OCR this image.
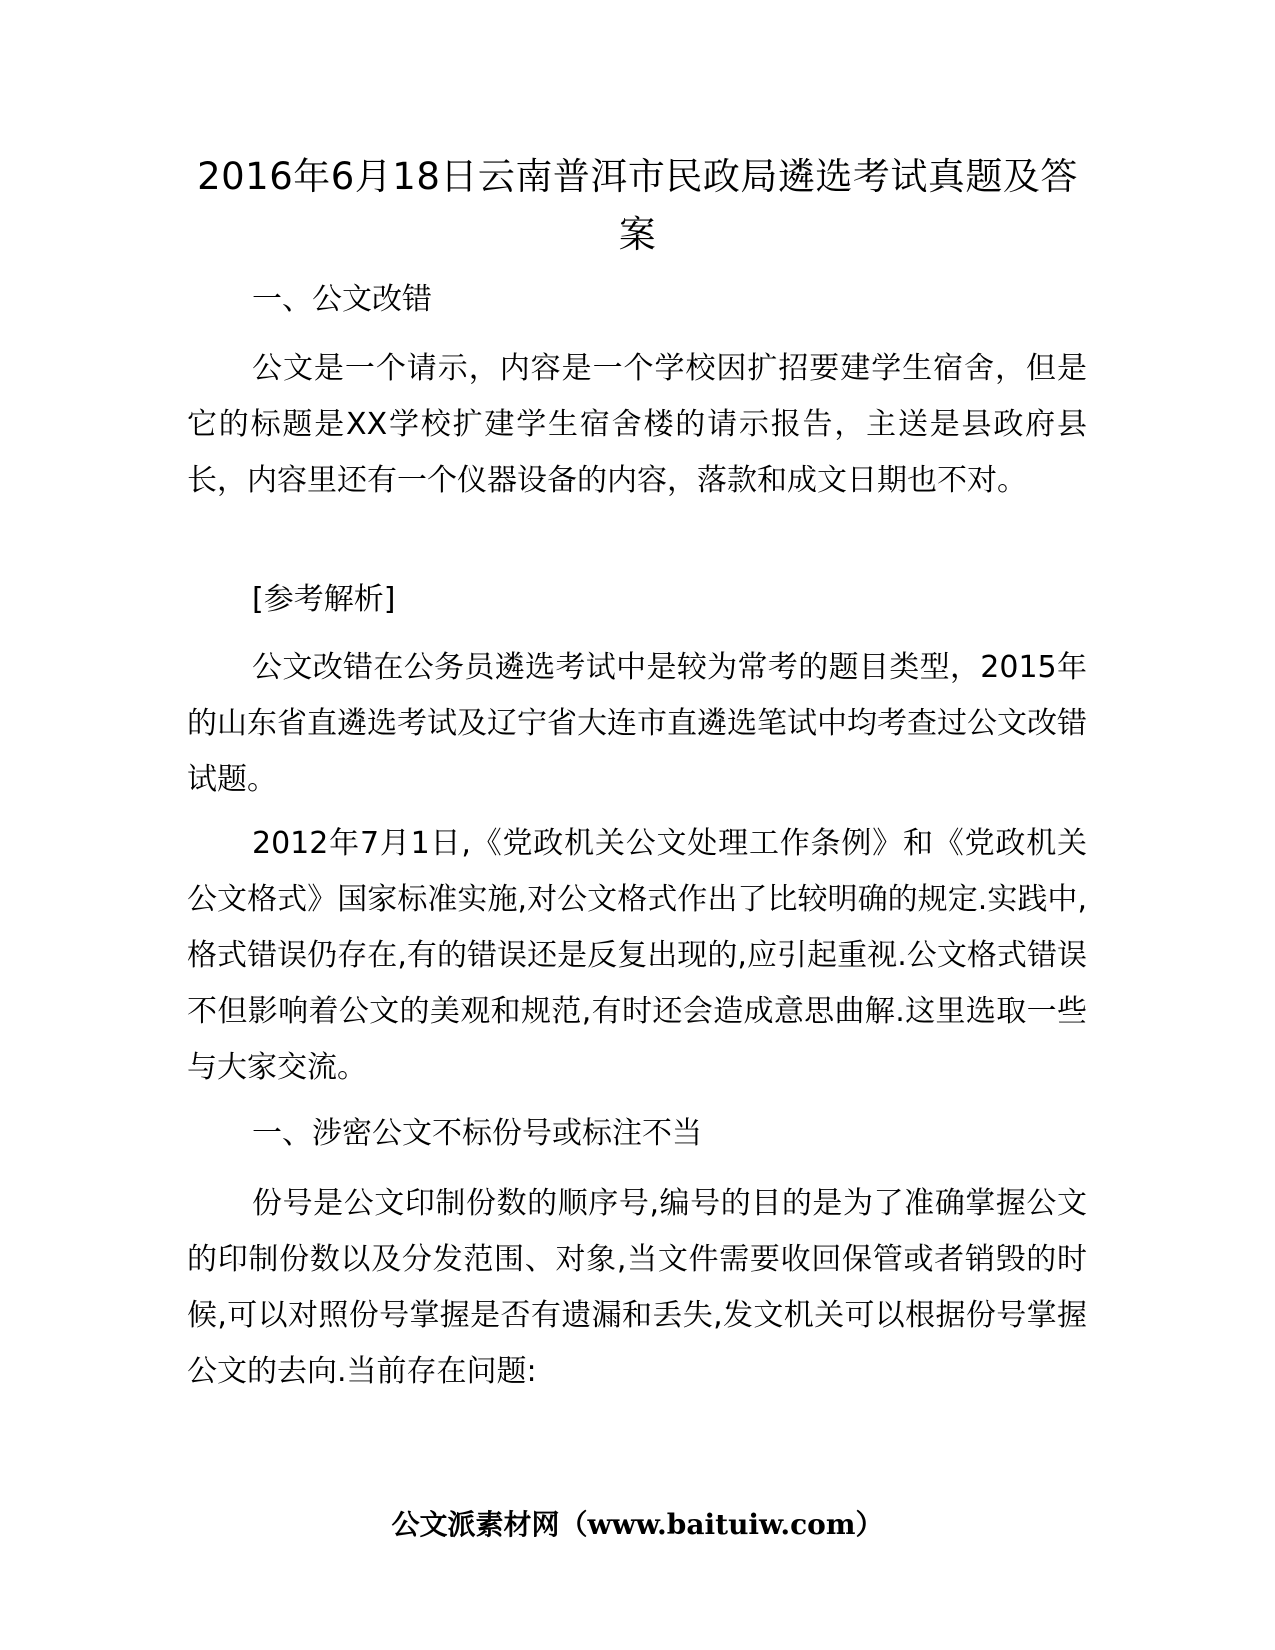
2016年6月18日云南普洱市民政局遴选考试真题及答案

一、公文改错

公文是一个请示，内容是一个学校因扩招要建学生宿舍，但是它的标题是XX学校扩建学生宿舍楼的请示报告，主送是县政府县长，内容里还有一个仪器设备的内容，落款和成文日期也不对。

[参考解析]

公文改错在公务员遴选考试中是较为常考的题目类型，2015年的山东省直遴选考试及辽宁省大连市直遴选笔试中均考查过公文改错试题。

2012年7月1日,《党政机关公文处理工作条例》和《党政机关公文格式》国家标准实施,对公文格式作出了比较明确的规定.实践中,格式错误仍存在,有的错误还是反复出现的,应引起重视.公文格式错误不但影响着公文的美观和规范,有时还会造成意思曲解.这里选取一些与大家交流。

一、涉密公文不标份号或标注不当

份号是公文印制份数的顺序号,编号的目的是为了准确掌握公文的印制份数以及分发范围、对象,当文件需要收回保管或者销毁的时候,可以对照份号掌握是否有遗漏和丢失,发文机关可以根据份号掌握公文的去向.当前存在问题:

公文派素材网（www.baituiw.com）
